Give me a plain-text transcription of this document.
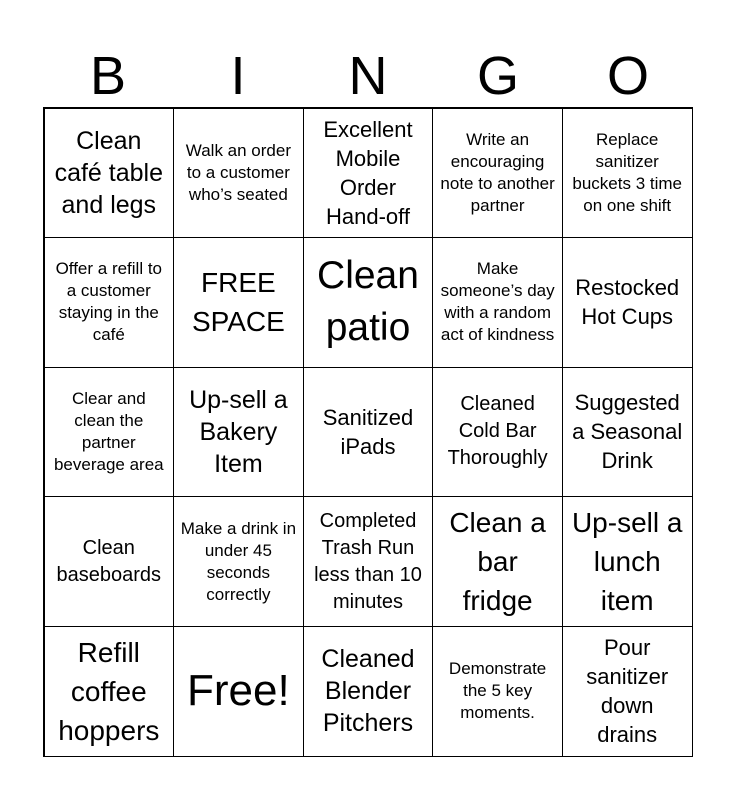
B	I	N	G	O
Clean café table and legs
Walk an order to a customer who’s seated
Excellent Mobile Order Hand-off
Write an encouraging note to another partner
Replace sanitizer buckets 3 time on one shift
Offer a refill to a customer staying in the café
FREE SPACE
Clean patio
Make someone’s day with a random act of kindness
Restocked Hot Cups
Clear and clean the partner beverage area
Up-sell a Bakery Item
Sanitized iPads
Cleaned Cold Bar Thoroughly
Suggested a Seasonal Drink
Clean baseboards
Make a drink in under 45 seconds correctly
Completed Trash Run less than 10 minutes
Clean a bar fridge
Up-sell a lunch item
Refill coffee hoppers
Free!
Cleaned Blender Pitchers
Demonstrate the 5 key moments.
Pour sanitizer down drains
